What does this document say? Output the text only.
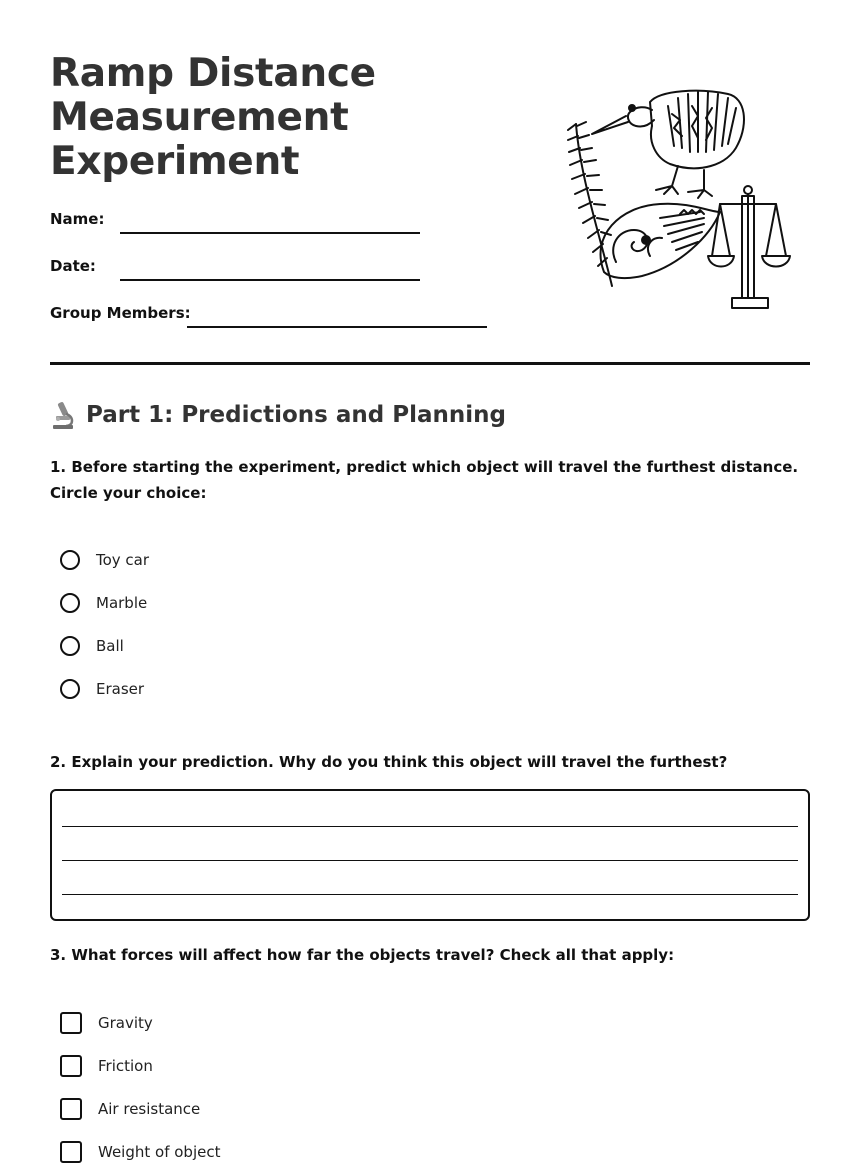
Ramp Distance Measurement Experiment
Name:
Date:
Group Members:
Part 1: Predictions and Planning
1. Before starting the experiment, predict which object will travel the furthest distance. Circle your choice:
Toy car
Marble
Ball
Eraser
2. Explain your prediction. Why do you think this object will travel the furthest?
3. What forces will affect how far the objects travel? Check all that apply:
Gravity
Friction
Air resistance
Weight of object
